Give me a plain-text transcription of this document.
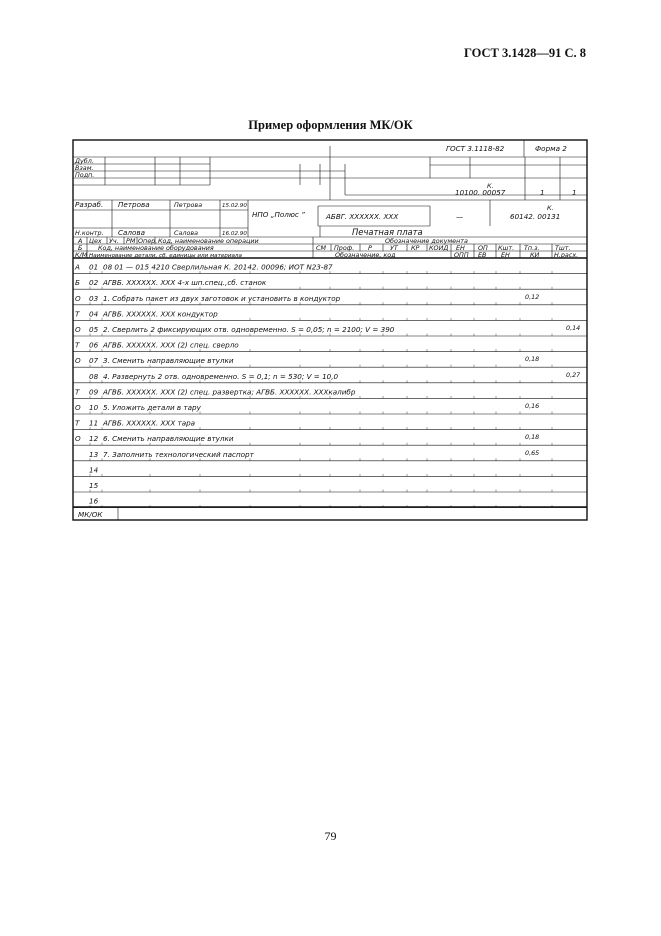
ГОСТ 3.1428—91 С. 8
Пример оформления МК/ОК
79
ГОСТ 3.1118-82	Форма 2
Дубл.
Взам.
Подп.
К.
10100. 00057	1	1
Разраб. Петрова	Петрова	15.02.90
Н.контр. Салова	Салова	16.02.90
НПО „Полюс ”	АБВГ. ХХХХХХ. ХХХ	—
К.
60142. 00131
Печатная плата
А Цех Уч. РМ Опер. Код, наименование операции	Обозначение документа
Б Код, наименование оборудования	СМ Проф. Р	УТ КР КОИД ЕН ОП Кшт. Тп.з. Тшт.
К/М Наименование детали, сб. единицы или материала	Обозначение, код	ОПП ЕВ ЕН	КИ Н.расх.
А 01 08 01 — 015 4210 Сверлильная К. 20142. 00096; ИОТ N23-87
Б 02 АГВБ. ХХХХХХ. ХХХ 4-х шп.спец.,сб. станок
О 03 1. Собрать пакет из двух заготовок и установить в кондуктор	0,12
Т 04 АГВБ. ХХХХХХ. ХХХ кондуктор
О 05 2. Сверлить 2 фиксирующих отв. одновременно. S = 0,05; n = 2100; V = 390	0,14
Т 06 АГВБ. ХХХХХХ. ХХХ (2) спец. сверло
О 07 3. Сменить направляющие втулки	0,18
08 4. Развернуть 2 отв. одновременно. S = 0,1; n = 530; V = 10,0	0,27
Т 09 АГВБ. ХХХХХХ. ХХХ (2) спец. развертка; АГВБ. ХХХХХХ. ХХХкалибр
О 10 5. Уложить детали в тару	0,16
Т 11 АГВБ. ХХХХХХ. ХХХ тара
О 12 6. Сменить направляющие втулки	0,18
13 7. Заполнить технологический паспорт	0,65
14
15
16
МК/ОК
